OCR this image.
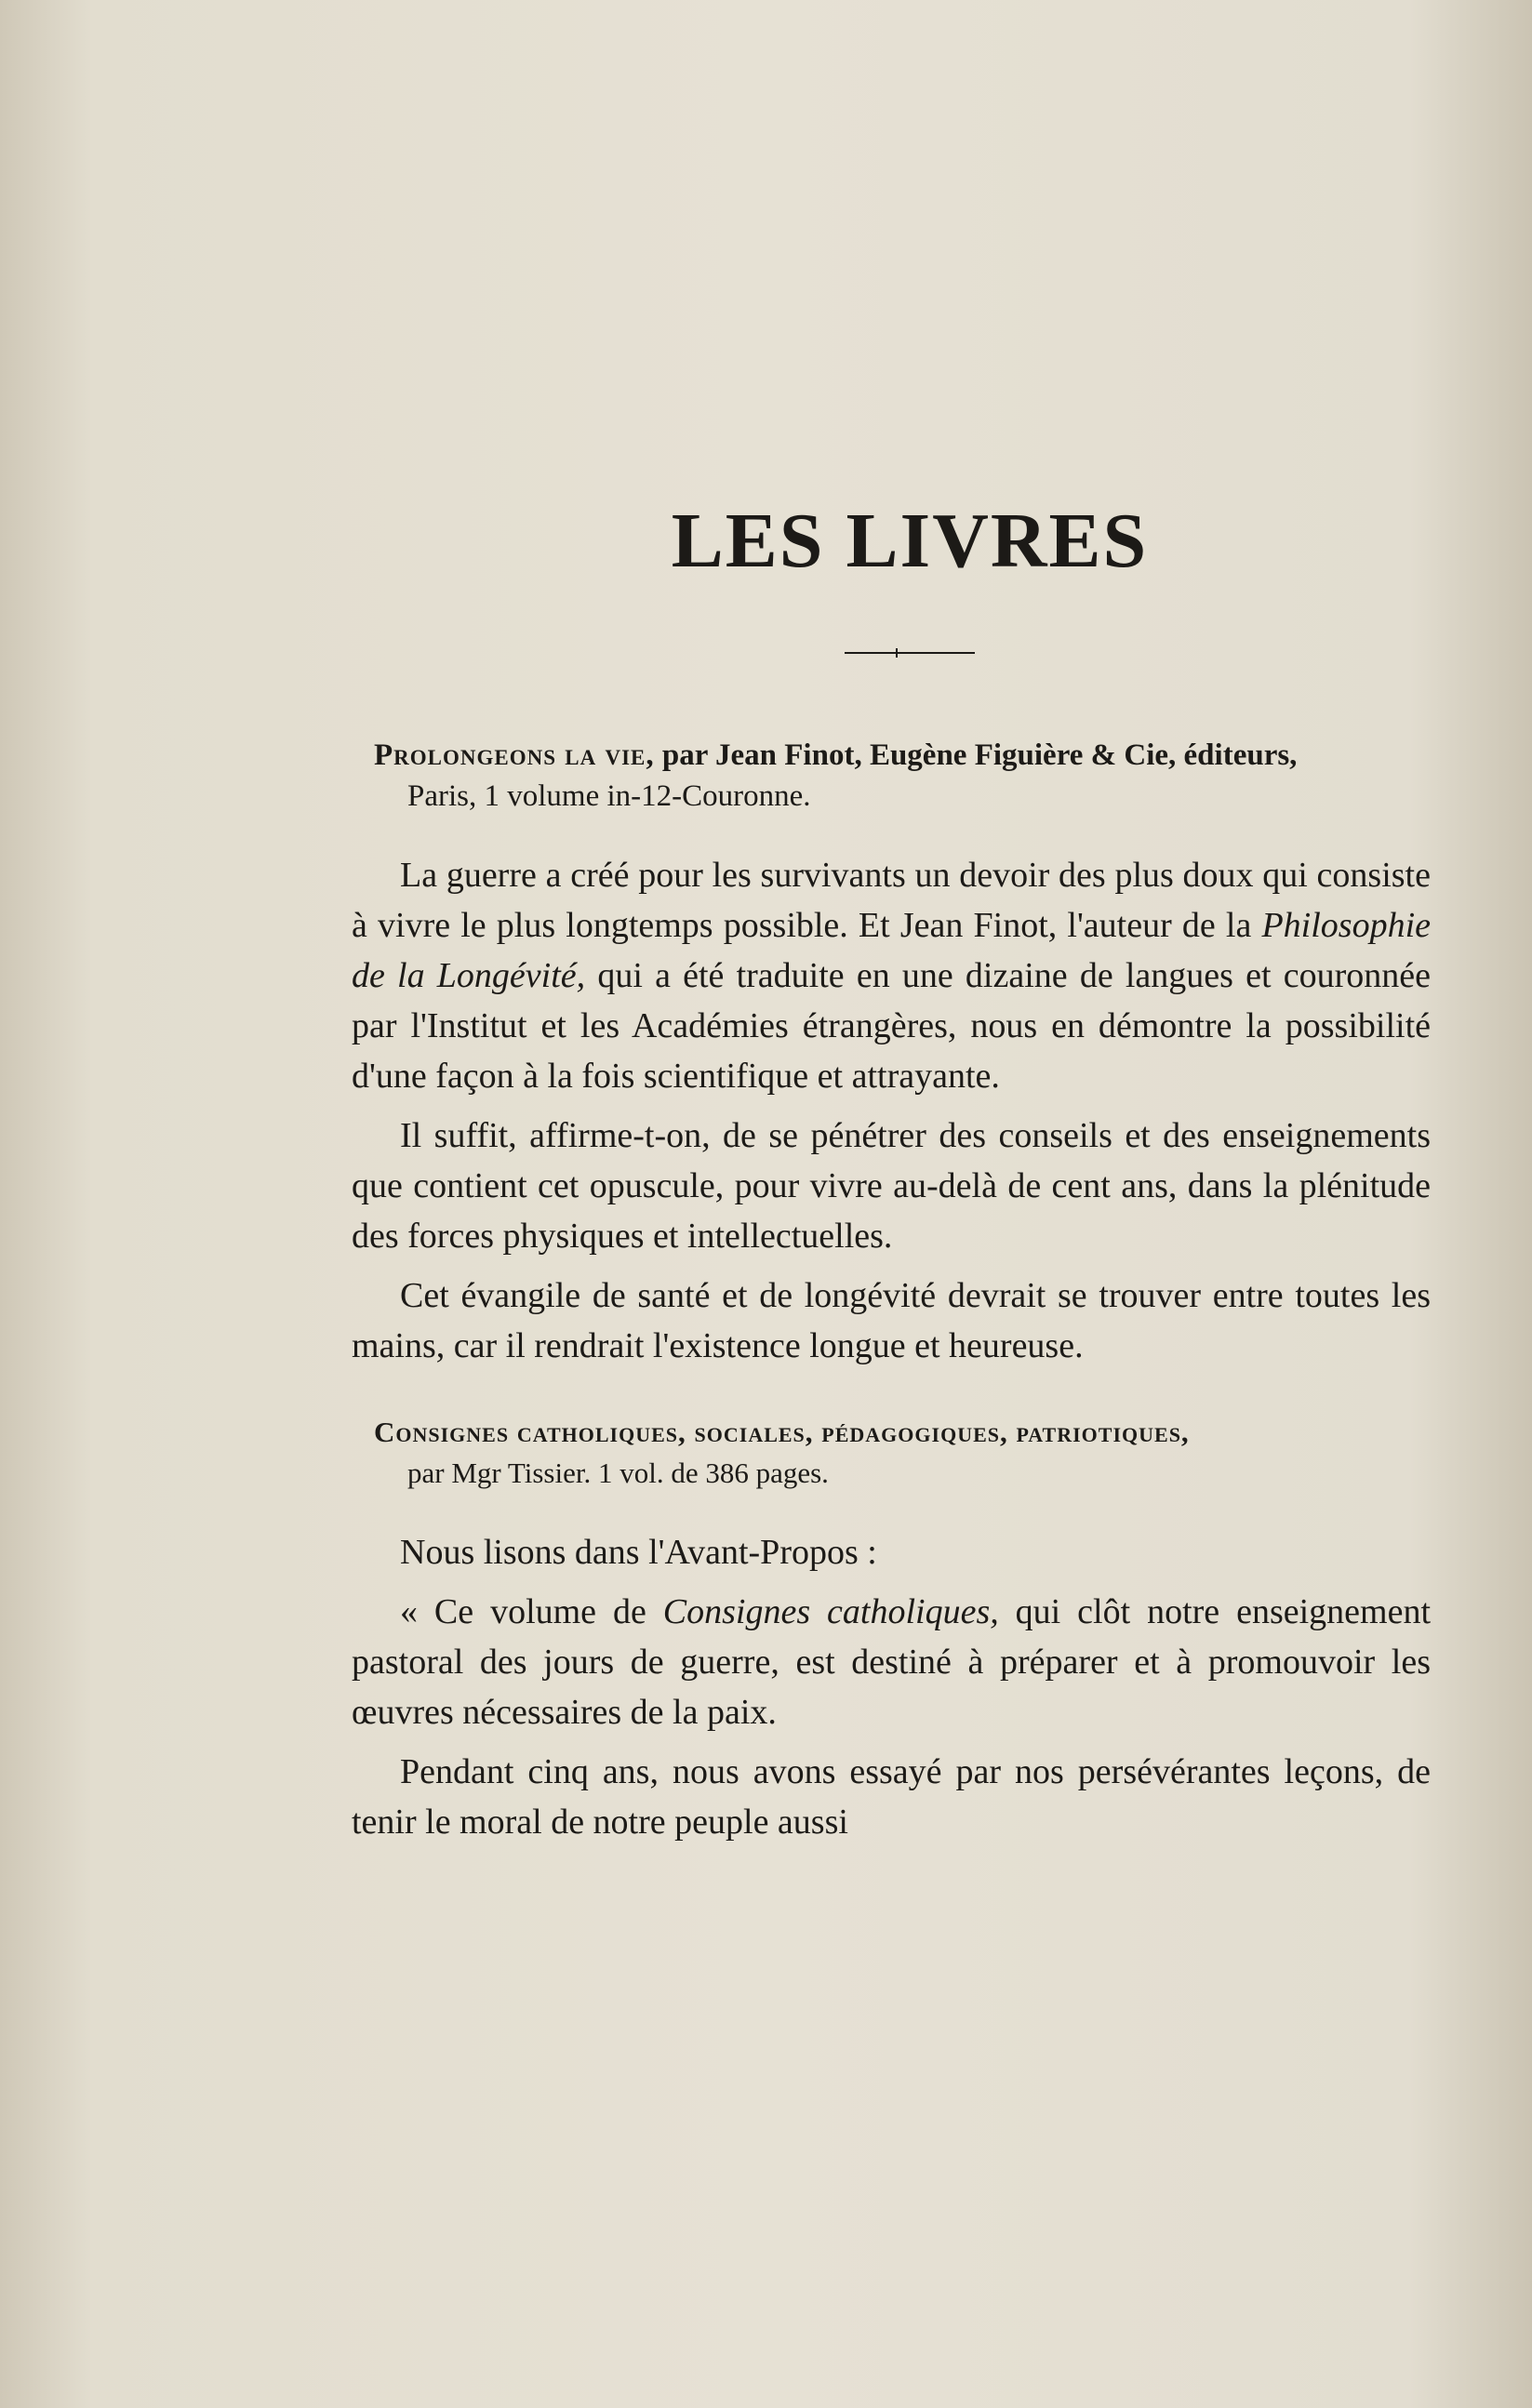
LES LIVRES
Prolongeons la vie, par Jean Finot, Eugène Figuière & Cie, éditeurs,
Paris, 1 volume in-12-Couronne.

La guerre a créé pour les survivants un devoir des plus doux qui consiste à vivre le plus longtemps possible. Et Jean Finot, l'auteur de la Philosophie de la Longévité, qui a été traduite en une dizaine de langues et couronnée par l'Institut et les Académies étrangères, nous en démontre la possibilité d'une façon à la fois scientifique et attrayante.

Il suffit, affirme-t-on, de se pénétrer des conseils et des enseignements que contient cet opuscule, pour vivre au-delà de cent ans, dans la plénitude des forces physiques et intellectuelles.

Cet évangile de santé et de longévité devrait se trouver entre toutes les mains, car il rendrait l'existence longue et heureuse.

Consignes catholiques, sociales, pédagogiques, patriotiques,
par Mgr Tissier. 1 vol. de 386 pages.

Nous lisons dans l'Avant-Propos :

« Ce volume de Consignes catholiques, qui clôt notre enseignement pastoral des jours de guerre, est destiné à préparer et à promouvoir les œuvres nécessaires de la paix.

Pendant cinq ans, nous avons essayé par nos persévérantes leçons, de tenir le moral de notre peuple aussi
